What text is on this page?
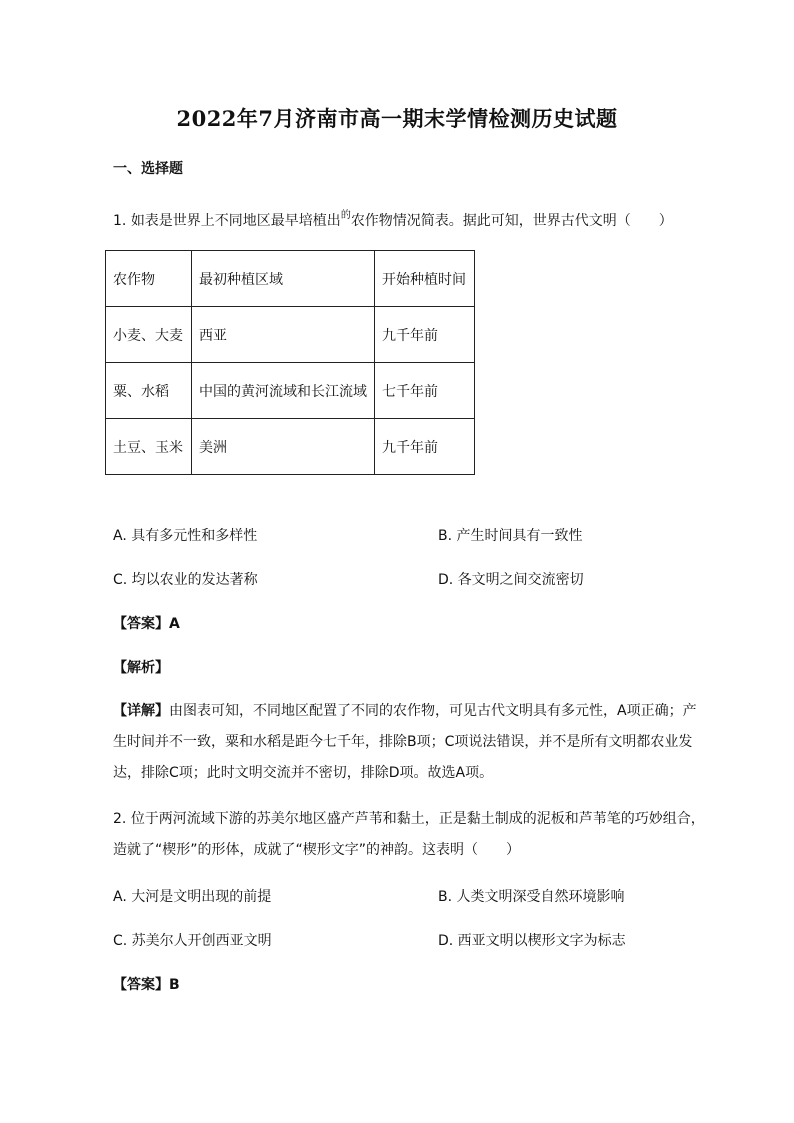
2022年7月济南市高一期末学情检测历史试题
一、选择题
1. 如表是世界上不同地区最早培植出$^的$农作物情况简表。据此可知，世界古代文明（　　）
农作物	最初种植区域	开始种植时间
小麦、大麦	西亚	九千年前
粟、水稻	中国的黄河流域和长江流域	七千年前
土豆、玉米	美洲	九千年前
A. 具有多元性和多样性	B. 产生时间具有一致性
C. 均以农业的发达著称	D. 各文明之间交流密切
【答案】A
【解析】
【详解】由图表可知，不同地区配置了不同的农作物，可见古代文明具有多元性，A项正确；产
生时间并不一致，粟和水稻是距今七千年，排除B项；C项说法错误，并不是所有文明都农业发
达，排除C项；此时文明交流并不密切，排除D项。故选A项。
2. 位于两河流域下游的苏美尔地区盛产芦苇和黏土，正是黏土制成的泥板和芦苇笔的巧妙组合，
造就了“楔形”的形体，成就了“楔形文字”的神韵。这表明（　　）
A. 大河是文明出现的前提	B. 人类文明深受自然环境影响
C. 苏美尔人开创西亚文明	D. 西亚文明以楔形文字为标志
【答案】B
